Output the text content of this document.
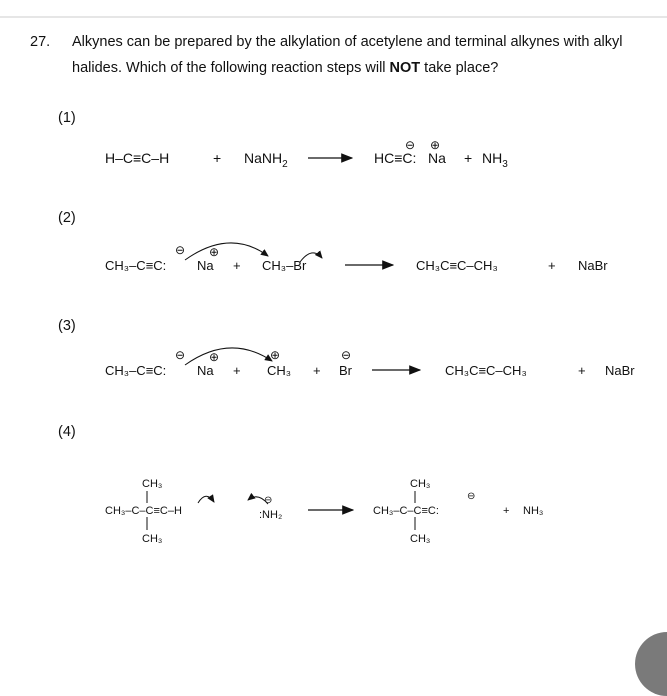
27. Alkynes can be prepared by the alkylation of acetylene and terminal alkynes with alkyl
halides. Which of the following reaction steps will NOT take place?
(1)
(2)
(3)
(4)
H–C≡C–H	+ NaNH$_2$	HC≡C:
⊖
Na
⊕
+ $NH_3$
CH₃–C≡C:
⊖
Na
⊕
+ CH₃–Br	CH₃C≡C–CH₃	+ NaBr
CH₃–C≡C:
⊖
Na
⊕
+ CH₃
⊕
+ Br
⊖
CH₃C≡C–CH₃	+ NaBr
CH₃
CH₃–C–C≡C–H
CH₃
:NH₂
⊖
CH₃
CH₃–C–C≡C:
⊖
CH₃
+ NH₃
